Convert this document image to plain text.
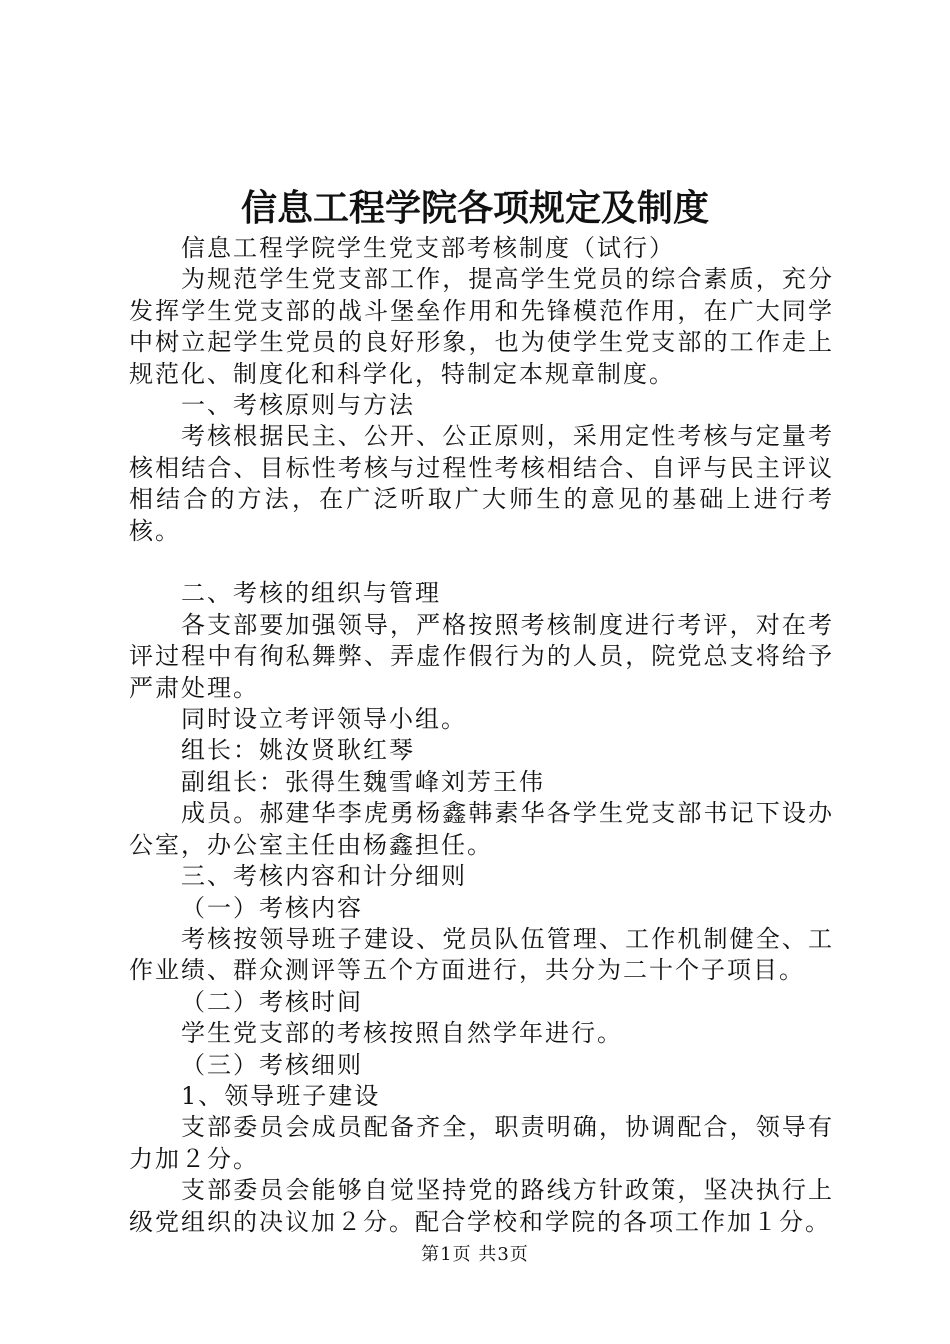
信息工程学院各项规定及制度

信息工程学院学生党支部考核制度（试行）

为规范学生党支部工作，提高学生党员的综合素质，充分发挥学生党支部的战斗堡垒作用和先锋模范作用，在广大同学中树立起学生党员的良好形象，也为使学生党支部的工作走上规范化、制度化和科学化，特制定本规章制度。

一、考核原则与方法

考核根据民主、公开、公正原则，采用定性考核与定量考核相结合、目标性考核与过程性考核相结合、自评与民主评议相结合的方法，在广泛听取广大师生的意见的基础上进行考核。

二、考核的组织与管理

各支部要加强领导，严格按照考核制度进行考评，对在考评过程中有徇私舞弊、弄虚作假行为的人员，院党总支将给予严肃处理。

同时设立考评领导小组。

组长：姚汝贤耿红琴

副组长：张得生魏雪峰刘芳王伟

成员。郝建华李虎勇杨鑫韩素华各学生党支部书记下设办公室，办公室主任由杨鑫担任。

三、考核内容和计分细则

（一）考核内容

考核按领导班子建设、党员队伍管理、工作机制健全、工作业绩、群众测评等五个方面进行，共分为二十个子项目。

（二）考核时间

学生党支部的考核按照自然学年进行。

（三）考核细则

1、领导班子建设

支部委员会成员配备齐全，职责明确，协调配合，领导有力加２分。

支部委员会能够自觉坚持党的路线方针政策，坚决执行上级党组织的决议加２分。配合学校和学院的各项工作加１分。

第1页 共3页
